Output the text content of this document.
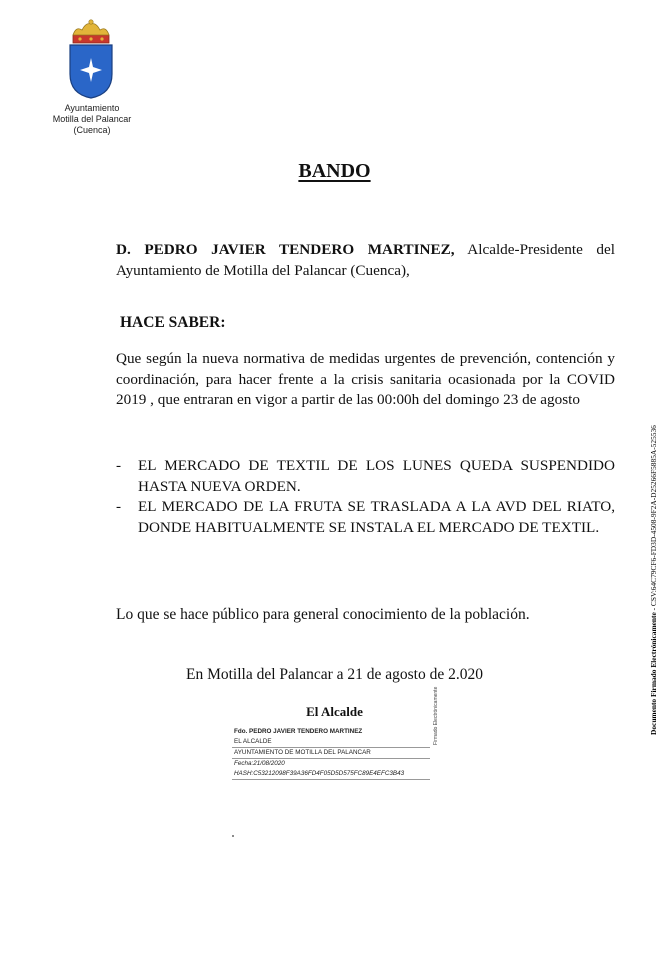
Ayuntamiento
Motilla del Palancar
(Cuenca)
BANDO
D. PEDRO JAVIER TENDERO MARTINEZ, Alcalde-Presidente del Ayuntamiento de Motilla del Palancar (Cuenca),
HACE SABER:
Que según la nueva normativa de medidas urgentes de prevención, contención y coordinación, para hacer frente a la crisis sanitaria ocasionada por la COVID 2019 , que entraran en vigor a partir de las 00:00h del domingo 23 de agosto
- EL MERCADO DE TEXTIL DE LOS LUNES QUEDA SUSPENDIDO HASTA NUEVA ORDEN.
- EL MERCADO DE LA FRUTA SE TRASLADA A LA AVD DEL RIATO, DONDE HABITUALMENTE SE INSTALA EL MERCADO DE TEXTIL.
Lo que se hace público para general conocimiento de la población.
En Motilla del Palancar a 21 de agosto de 2.020
El Alcalde
Fdo. PEDRO JAVIER TENDERO MARTINEZ
EL ALCALDE
AYUNTAMIENTO DE MOTILLA DEL PALANCAR
Fecha:21/08/2020
HASH:C53212098F39A36FD4F05D5D575FC89E4EFC3B43
Firmado Electrónicamente	Documento Firmado Electrónicamente - CSV:64C79CF6-FD3D-4508-9F2A-D25266F5885A-525536
